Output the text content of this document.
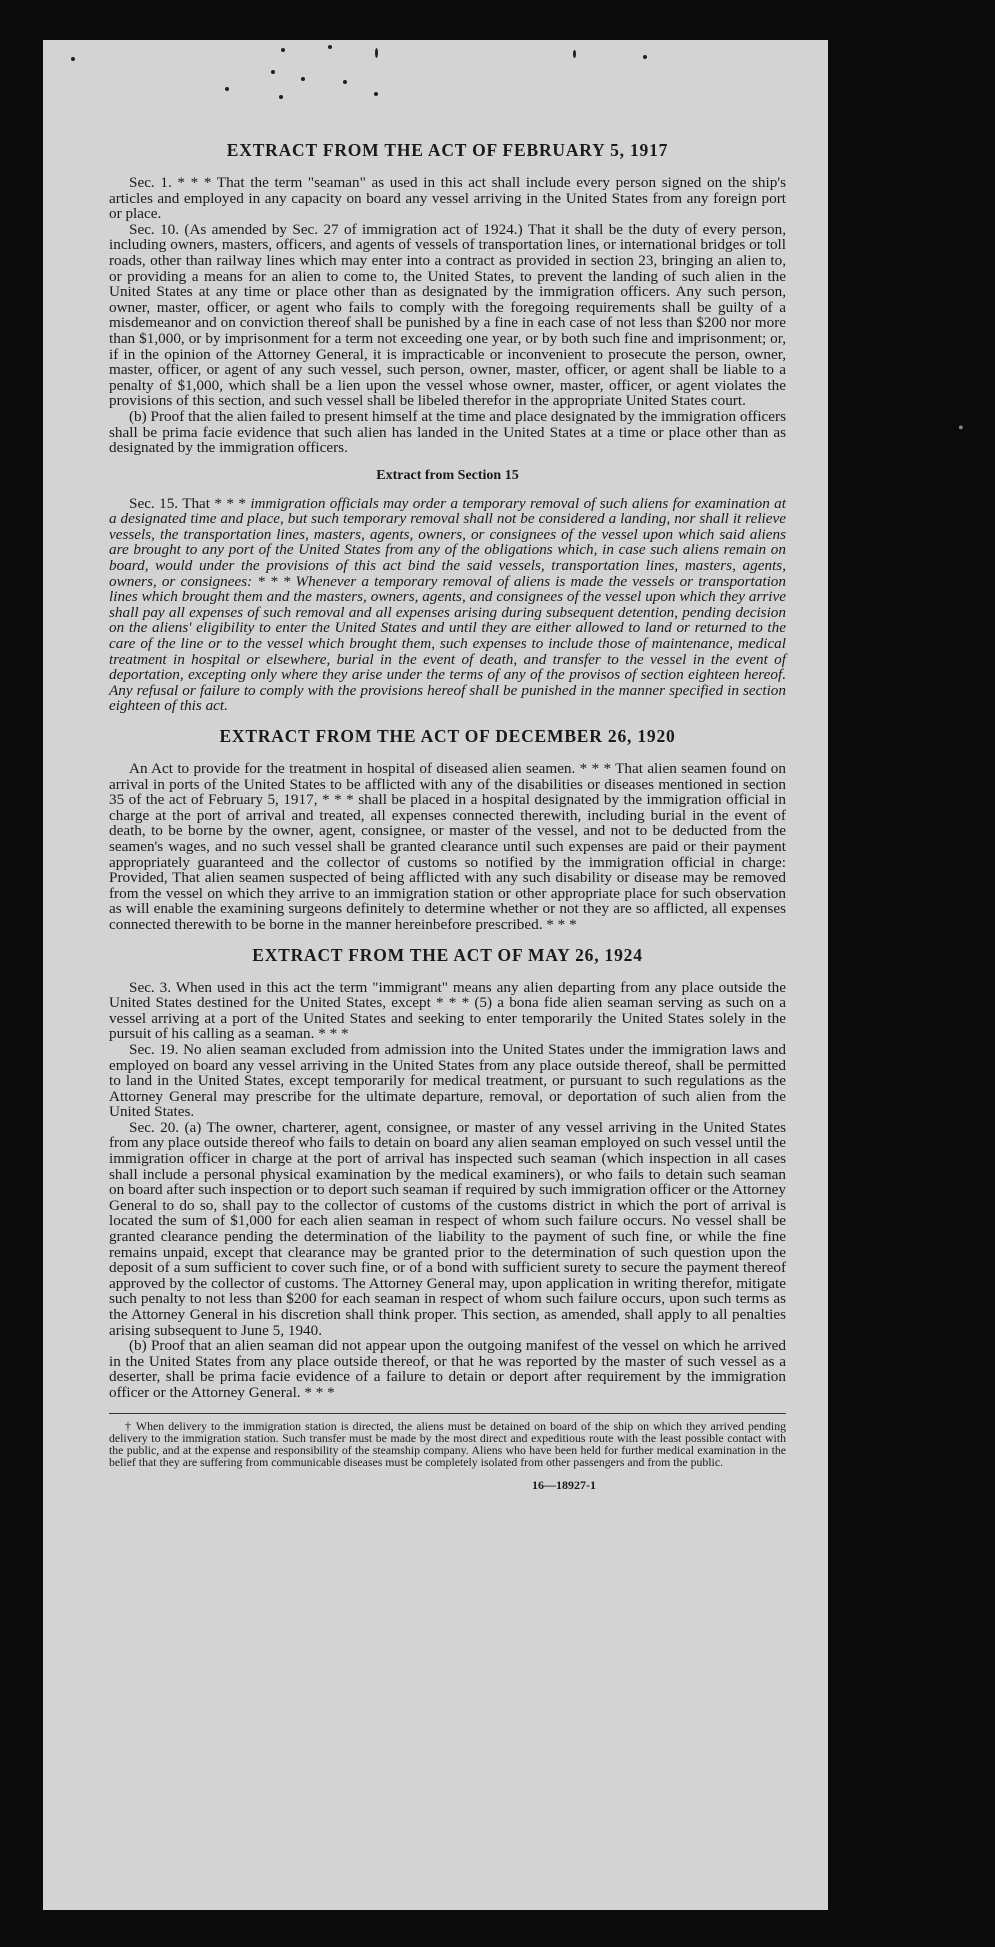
EXTRACT FROM THE ACT OF FEBRUARY 5, 1917

Sec. 1. * * * That the term "seaman" as used in this act shall include every person signed on the ship's articles and employed in any capacity on board any vessel arriving in the United States from any foreign port or place.

Sec. 10. (As amended by Sec. 27 of immigration act of 1924.) That it shall be the duty of every person, including owners, masters, officers, and agents of vessels of transportation lines, or international bridges or toll roads, other than railway lines which may enter into a contract as provided in section 23, bringing an alien to, or providing a means for an alien to come to, the United States, to prevent the landing of such alien in the United States at any time or place other than as designated by the immigration officers. Any such person, owner, master, officer, or agent who fails to comply with the foregoing requirements shall be guilty of a misdemeanor and on conviction thereof shall be punished by a fine in each case of not less than $200 nor more than $1,000, or by imprisonment for a term not exceeding one year, or by both such fine and imprisonment; or, if in the opinion of the Attorney General, it is impracticable or inconvenient to prosecute the person, owner, master, officer, or agent of any such vessel, such person, owner, master, officer, or agent shall be liable to a penalty of $1,000, which shall be a lien upon the vessel whose owner, master, officer, or agent violates the provisions of this section, and such vessel shall be libeled therefor in the appropriate United States court.

(b) Proof that the alien failed to present himself at the time and place designated by the immigration officers shall be prima facie evidence that such alien has landed in the United States at a time or place other than as designated by the immigration officers.

Extract from Section 15

Sec. 15. That * * * immigration officials may order a temporary removal of such aliens for examination at a designated time and place, but such temporary removal shall not be considered a landing, nor shall it relieve vessels, the transportation lines, masters, agents, owners, or consignees of the vessel upon which said aliens are brought to any port of the United States from any of the obligations which, in case such aliens remain on board, would under the provisions of this act bind the said vessels, transportation lines, masters, agents, owners, or consignees: * * * Whenever a temporary removal of aliens is made the vessels or transportation lines which brought them and the masters, owners, agents, and consignees of the vessel upon which they arrive shall pay all expenses of such removal and all expenses arising during subsequent detention, pending decision on the aliens' eligibility to enter the United States and until they are either allowed to land or returned to the care of the line or to the vessel which brought them, such expenses to include those of maintenance, medical treatment in hospital or elsewhere, burial in the event of death, and transfer to the vessel in the event of deportation, excepting only where they arise under the terms of any of the provisos of section eighteen hereof. Any refusal or failure to comply with the provisions hereof shall be punished in the manner specified in section eighteen of this act.

EXTRACT FROM THE ACT OF DECEMBER 26, 1920

An Act to provide for the treatment in hospital of diseased alien seamen. * * * That alien seamen found on arrival in ports of the United States to be afflicted with any of the disabilities or diseases mentioned in section 35 of the act of February 5, 1917, * * * shall be placed in a hospital designated by the immigration official in charge at the port of arrival and treated, all expenses connected therewith, including burial in the event of death, to be borne by the owner, agent, consignee, or master of the vessel, and not to be deducted from the seamen's wages, and no such vessel shall be granted clearance until such expenses are paid or their payment appropriately guaranteed and the collector of customs so notified by the immigration official in charge: Provided, That alien seamen suspected of being afflicted with any such disability or disease may be removed from the vessel on which they arrive to an immigration station or other appropriate place for such observation as will enable the examining surgeons definitely to determine whether or not they are so afflicted, all expenses connected therewith to be borne in the manner hereinbefore prescribed. * * *

EXTRACT FROM THE ACT OF MAY 26, 1924

Sec. 3. When used in this act the term "immigrant" means any alien departing from any place outside the United States destined for the United States, except * * * (5) a bona fide alien seaman serving as such on a vessel arriving at a port of the United States and seeking to enter temporarily the United States solely in the pursuit of his calling as a seaman. * * *

Sec. 19. No alien seaman excluded from admission into the United States under the immigration laws and employed on board any vessel arriving in the United States from any place outside thereof, shall be permitted to land in the United States, except temporarily for medical treatment, or pursuant to such regulations as the Attorney General may prescribe for the ultimate departure, removal, or deportation of such alien from the United States.

Sec. 20. (a) The owner, charterer, agent, consignee, or master of any vessel arriving in the United States from any place outside thereof who fails to detain on board any alien seaman employed on such vessel until the immigration officer in charge at the port of arrival has inspected such seaman (which inspection in all cases shall include a personal physical examination by the medical examiners), or who fails to detain such seaman on board after such inspection or to deport such seaman if required by such immigration officer or the Attorney General to do so, shall pay to the collector of customs of the customs district in which the port of arrival is located the sum of $1,000 for each alien seaman in respect of whom such failure occurs. No vessel shall be granted clearance pending the determination of the liability to the payment of such fine, or while the fine remains unpaid, except that clearance may be granted prior to the determination of such question upon the deposit of a sum sufficient to cover such fine, or of a bond with sufficient surety to secure the payment thereof approved by the collector of customs. The Attorney General may, upon application in writing therefor, mitigate such penalty to not less than $200 for each seaman in respect of whom such failure occurs, upon such terms as the Attorney General in his discretion shall think proper. This section, as amended, shall apply to all penalties arising subsequent to June 5, 1940.

(b) Proof that an alien seaman did not appear upon the outgoing manifest of the vessel on which he arrived in the United States from any place outside thereof, or that he was reported by the master of such vessel as a deserter, shall be prima facie evidence of a failure to detain or deport after requirement by the immigration officer or the Attorney General. * * *

† When delivery to the immigration station is directed, the aliens must be detained on board of the ship on which they arrived pending delivery to the immigration station. Such transfer must be made by the most direct and expeditious route with the least possible contact with the public, and at the expense and responsibility of the steamship company. Aliens who have been held for further medical examination in the belief that they are suffering from communicable diseases must be completely isolated from other passengers and from the public.

16—18927-1
•
